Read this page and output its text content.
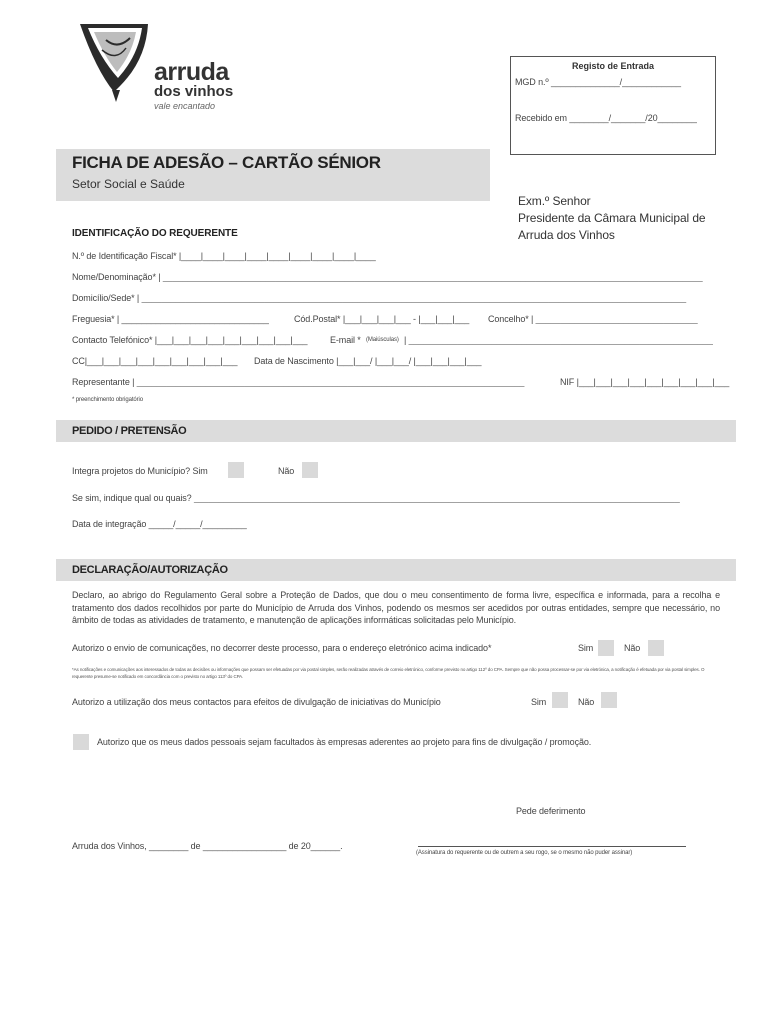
arruda
dos vinhos
vale encantado
Registo de Entrada
MGD n.º ______________/____________
Recebido em ________/_______/20________
FICHA DE ADESÃO – CARTÃO SÉNIOR
Setor Social e Saúde
Exm.º Senhor
Presidente da Câmara Municipal de
Arruda dos Vinhos
IDENTIFICAÇÃO DO REQUERENTE
N.º de Identificação Fiscal* |____|____|____|____|____|____|____|____|____
Nome/Denominação* | ______________________________________________________________________________________________________________
Domicílio/Sede* | _______________________________________________________________________________________________________________
Freguesia* | ______________________________	Cód.Postal* |___|___|___|___ - |___|___|___ Concelho* | _________________________________
Contacto Telefónico* |___|___|___|___|___|___|___|___|___	E-mail * (Maiúsculas) | ______________________________________________________________
CC|___|___|___|___|___|___|___|___|___ Data de Nascimento |___|___/ |___|___/ |___|___|___|___
Representante | _______________________________________________________________________________	NIF |___|___|___|___|___|___|___|___|___
* preenchimento obrigatório
PEDIDO / PRETENSÃO
Integra projetos do Município? Sim	Não
Se sim, indique qual ou quais? ___________________________________________________________________________________________________
Data de integração _____/_____/_________
DECLARAÇÃO/AUTORIZAÇÃO
Declaro, ao abrigo do Regulamento Geral sobre a Proteção de Dados, que dou o meu consentimento de forma livre, específica e informada, para a recolha e tratamento dos dados recolhidos por parte do Município de Arruda dos Vinhos, podendo os mesmos ser acedidos por outras entidades, sempre que necessário, no âmbito de todas as atividades de tratamento, e manutenção de aplicações informáticas solicitadas pelo Município.
Autorizo o envio de comunicações, no decorrer deste processo, para o endereço eletrónico acima indicado*	Sim	Não
*As notificações e comunicações aos interessados de todas as decisões ou informações que possam ser efetuadas por via postal simples, serão realizadas através de correio eletrónico, conforme previsto no artigo 112º do CPA. Sempre que não possa processar-se por via eletrónica, a notificação é efetuada por via postal simples. O requerente presume-se notificado em concordância com o previsto no artigo 113º do CPA.
Autorizo a utilização dos meus contactos para efeitos de divulgação de iniciativas do Município	Sim	Não
Autorizo que os meus dados pessoais sejam facultados às empresas aderentes ao projeto para fins de divulgação / promoção.
Pede deferimento
Arruda dos Vinhos, ________ de _________________ de 20______.
(Assinatura do requerente ou de outrem a seu rogo, se o mesmo não puder assinar)
